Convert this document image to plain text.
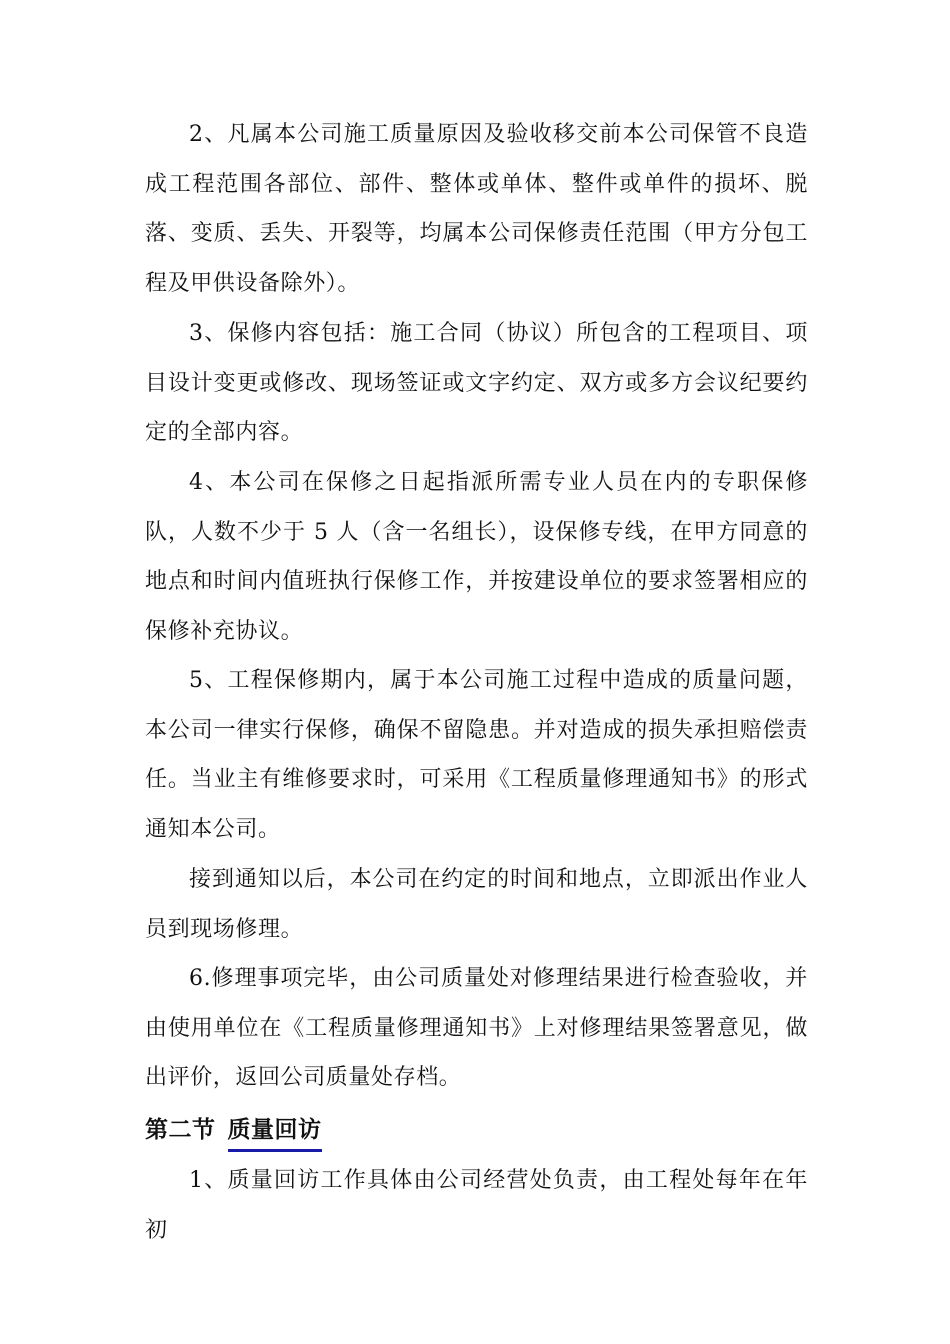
2、凡属本公司施工质量原因及验收移交前本公司保管不良造成工程范围各部位、部件、整体或单体、整件或单件的损坏、脱落、变质、丢失、开裂等，均属本公司保修责任范围（甲方分包工程及甲供设备除外）。

3、保修内容包括：施工合同（协议）所包含的工程项目、项目设计变更或修改、现场签证或文字约定、双方或多方会议纪要约定的全部内容。

4、本公司在保修之日起指派所需专业人员在内的专职保修队，人数不少于 5 人（含一名组长），设保修专线，在甲方同意的地点和时间内值班执行保修工作，并按建设单位的要求签署相应的保修补充协议。

5、工程保修期内，属于本公司施工过程中造成的质量问题，本公司一律实行保修，确保不留隐患。并对造成的损失承担赔偿责任。当业主有维修要求时，可采用《工程质量修理通知书》的形式通知本公司。

接到通知以后，本公司在约定的时间和地点，立即派出作业人员到现场修理。

6.修理事项完毕，由公司质量处对修理结果进行检查验收，并由使用单位在《工程质量修理通知书》上对修理结果签署意见，做出评价，返回公司质量处存档。

第二节 质量回访

1、质量回访工作具体由公司经营处负责，由工程处每年在年初
